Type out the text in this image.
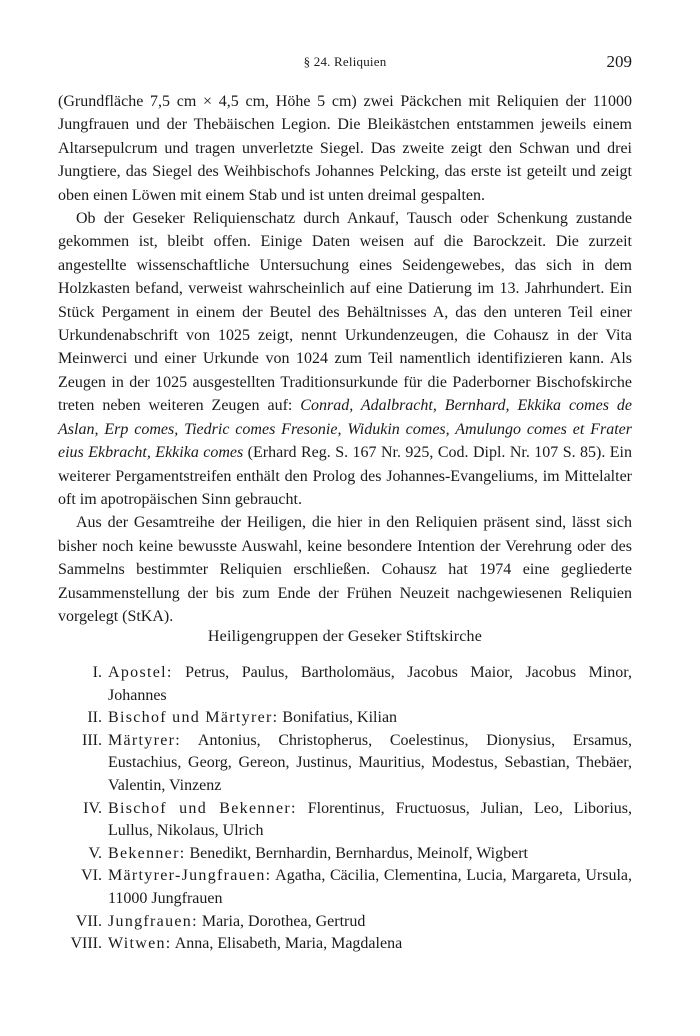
§ 24. Reliquien	209

(Grundfläche 7,5 cm × 4,5 cm, Höhe 5 cm) zwei Päckchen mit Reliquien der 11000 Jungfrauen und der Thebäischen Legion. Die Bleikästchen entstammen jeweils einem Altarsepulcrum und tragen unverletzte Siegel. Das zweite zeigt den Schwan und drei Jungtiere, das Siegel des Weihbischofs Johannes Pelcking, das erste ist geteilt und zeigt oben einen Löwen mit einem Stab und ist unten dreimal gespalten.

Ob der Geseker Reliquienschatz durch Ankauf, Tausch oder Schenkung zustande gekommen ist, bleibt offen. Einige Daten weisen auf die Barockzeit. Die zurzeit angestellte wissenschaftliche Untersuchung eines Seidengewebes, das sich in dem Holzkasten befand, verweist wahrscheinlich auf eine Datierung im 13. Jahrhundert. Ein Stück Pergament in einem der Beutel des Behältnisses A, das den unteren Teil einer Urkundenabschrift von 1025 zeigt, nennt Urkundenzeugen, die Cohausz in der Vita Meinwerci und einer Urkunde von 1024 zum Teil namentlich identifizieren kann. Als Zeugen in der 1025 ausgestellten Traditionsurkunde für die Paderborner Bischofskirche treten neben weiteren Zeugen auf: Conrad, Adalbracht, Bernhard, Ekkika comes de Aslan, Erp comes, Tiedric comes Fresonie, Widukin comes, Amulungo comes et Frater eius Ekbracht, Ekkika comes (Erhard Reg. S. 167 Nr. 925, Cod. Dipl. Nr. 107 S. 85). Ein weiterer Pergamentstreifen enthält den Prolog des Johannes-Evangeliums, im Mittelalter oft im apotropäischen Sinn gebraucht.

Aus der Gesamtreihe der Heiligen, die hier in den Reliquien präsent sind, lässt sich bisher noch keine bewusste Auswahl, keine besondere Intention der Verehrung oder des Sammelns bestimmter Reliquien erschließen. Cohausz hat 1974 eine gegliederte Zusammenstellung der bis zum Ende der Frühen Neuzeit nachgewiesenen Reliquien vorgelegt (StKA).

Heiligengruppen der Geseker Stiftskirche
I. Apostel: Petrus, Paulus, Bartholomäus, Jacobus Maior, Jacobus Minor, Johannes
II. Bischof und Märtyrer: Bonifatius, Kilian
III. Märtyrer: Antonius, Christopherus, Coelestinus, Dionysius, Ersamus, Eustachius, Georg, Gereon, Justinus, Mauritius, Modestus, Sebastian, Thebäer, Valentin, Vinzenz
IV. Bischof und Bekenner: Florentinus, Fructuosus, Julian, Leo, Liborius, Lullus, Nikolaus, Ulrich
V. Bekenner: Benedikt, Bernhardin, Bernhardus, Meinolf, Wigbert
VI. Märtyrer-Jungfrauen: Agatha, Cäcilia, Clementina, Lucia, Margareta, Ursula, 11000 Jungfrauen
VII. Jungfrauen: Maria, Dorothea, Gertrud
VIII. Witwen: Anna, Elisabeth, Maria, Magdalena
